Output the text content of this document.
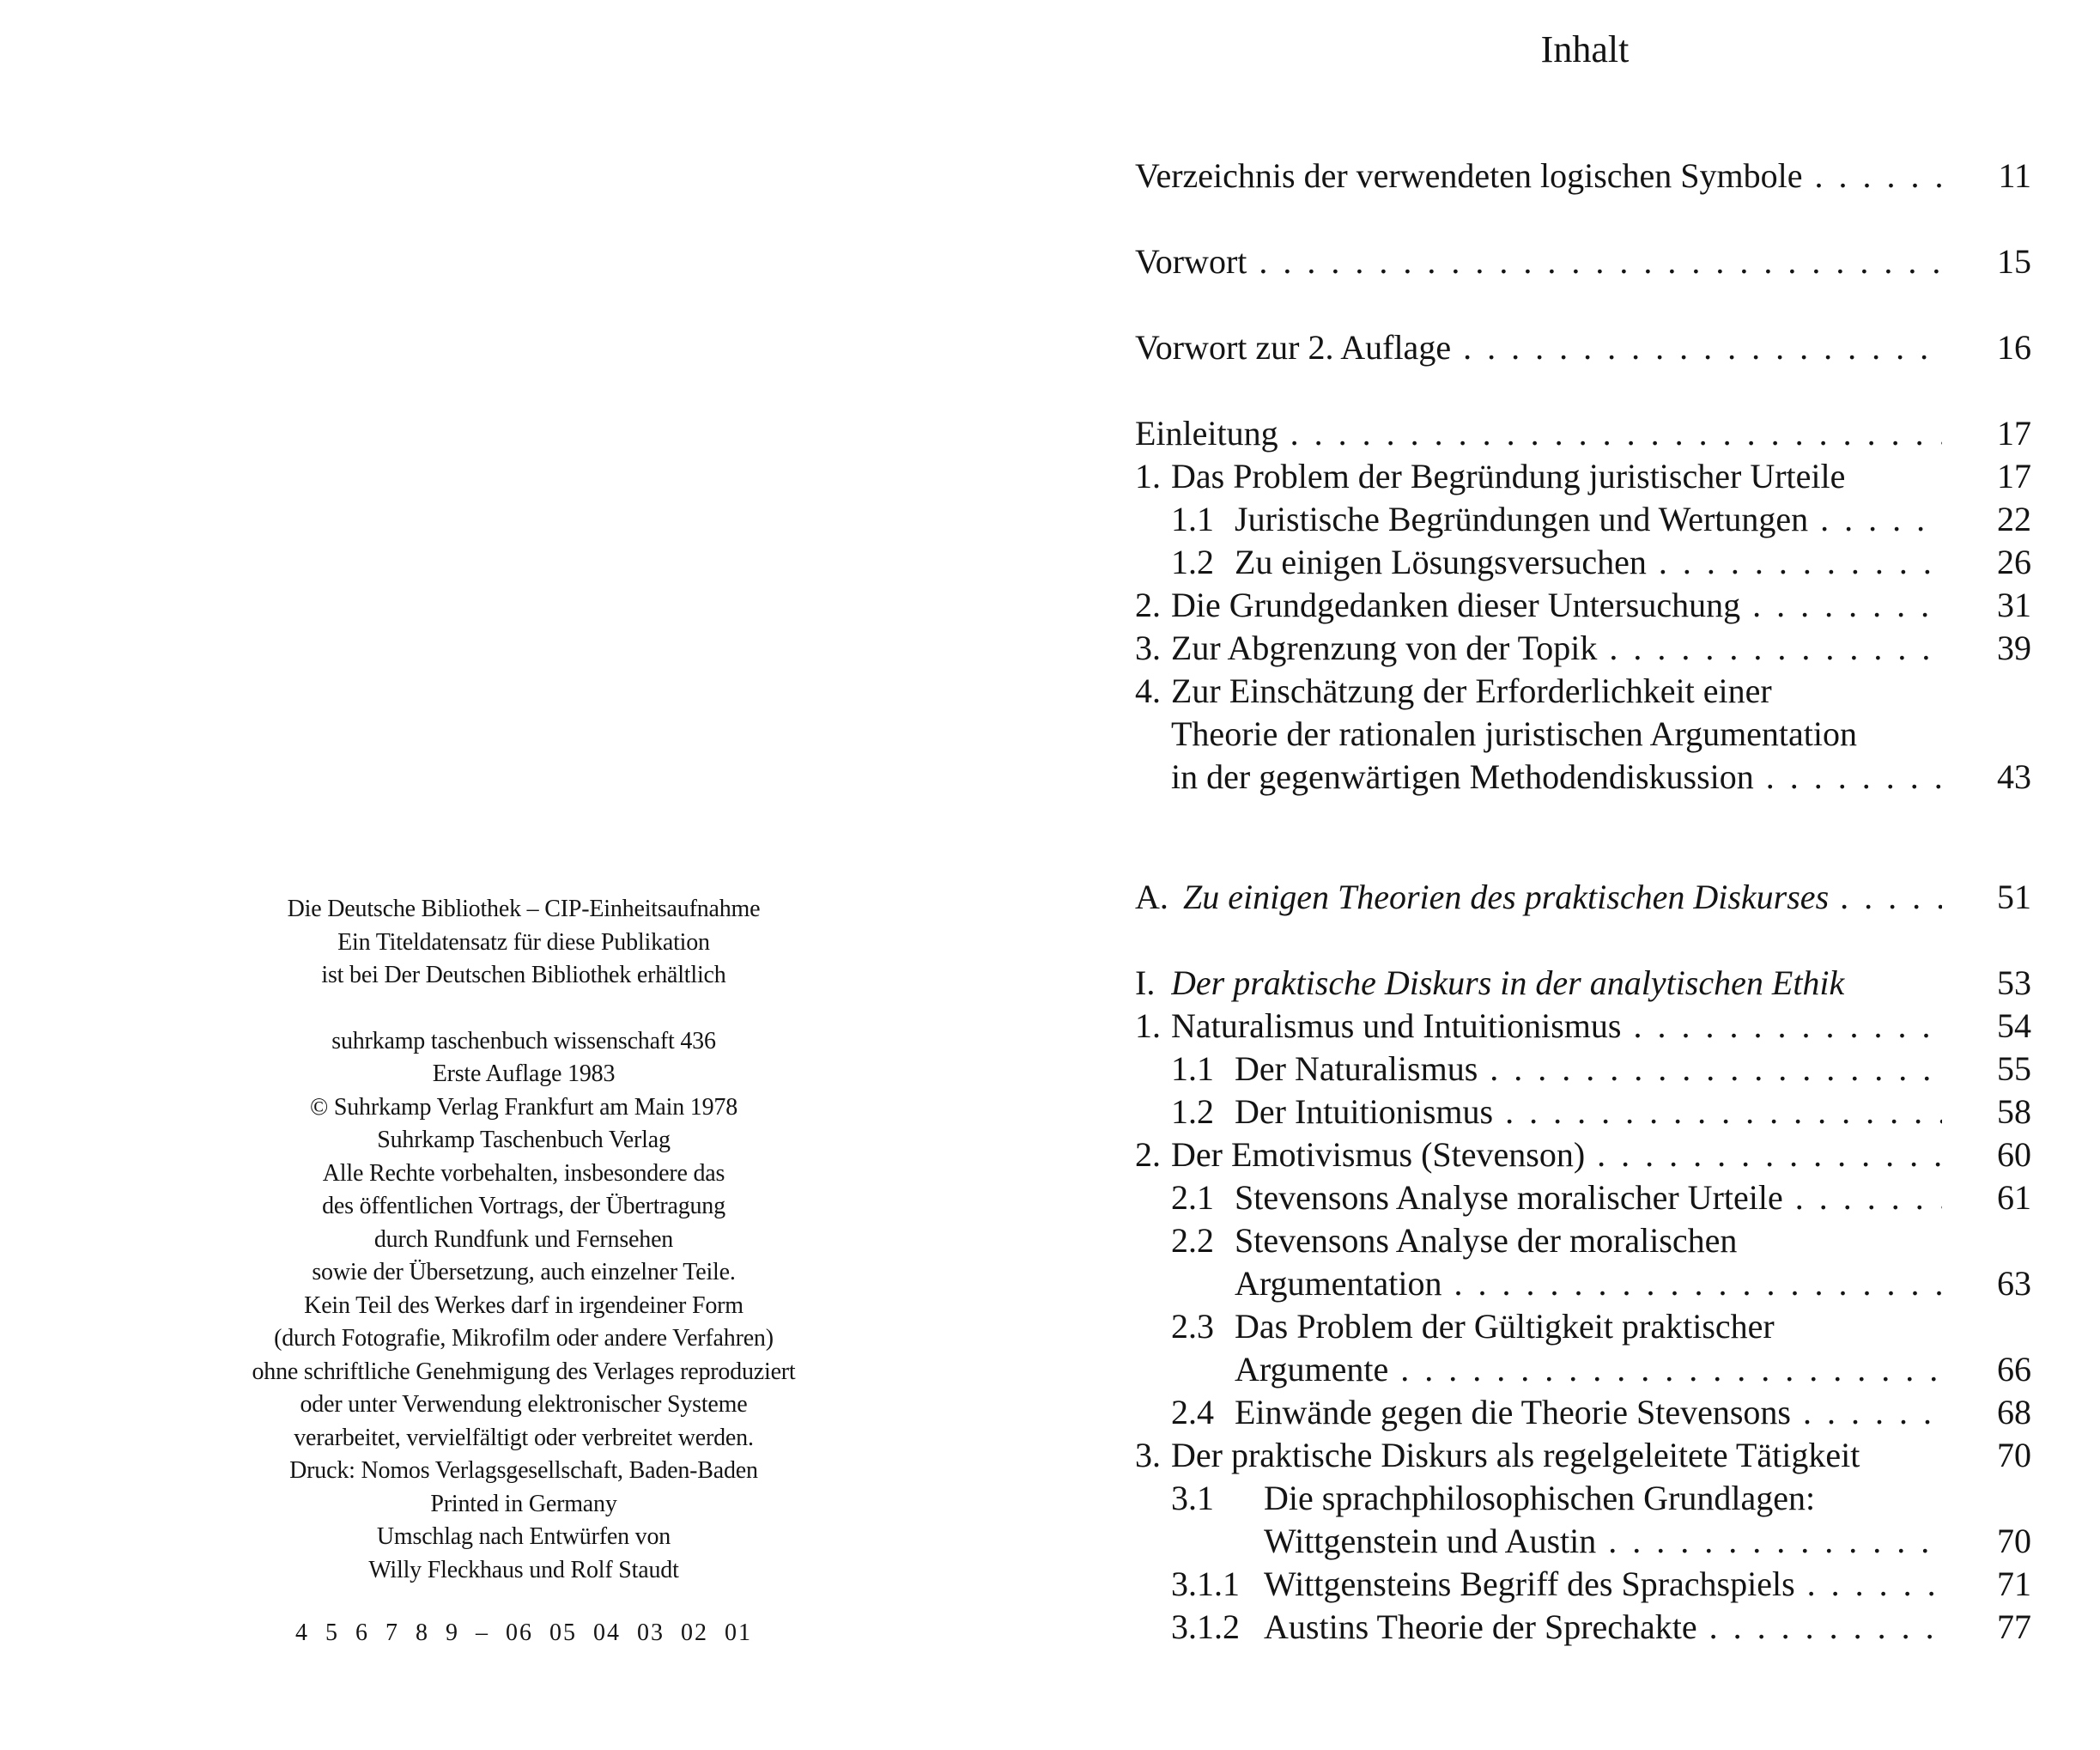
Die Deutsche Bibliothek – CIP-Einheitsaufnahme
Ein Titeldatensatz für diese Publikation
ist bei Der Deutschen Bibliothek erhältlich
suhrkamp taschenbuch wissenschaft 436
Erste Auflage 1983
© Suhrkamp Verlag Frankfurt am Main 1978
Suhrkamp Taschenbuch Verlag
Alle Rechte vorbehalten, insbesondere das
des öffentlichen Vortrags, der Übertragung
durch Rundfunk und Fernsehen
sowie der Übersetzung, auch einzelner Teile.
Kein Teil des Werkes darf in irgendeiner Form
(durch Fotografie, Mikrofilm oder andere Verfahren)
ohne schriftliche Genehmigung des Verlages reproduziert
oder unter Verwendung elektronischer Systeme
verarbeitet, vervielfältigt oder verbreitet werden.
Druck: Nomos Verlagsgesellschaft, Baden-Baden
Printed in Germany
Umschlag nach Entwürfen von
Willy Fleckhaus und Rolf Staudt
4 5 6 7 8 9 – 06 05 04 03 02 01
Inhalt
Verzeichnis der verwendeten logischen Symbole . . .	11
Vorwort . . .	15
Vorwort zur 2. Auflage . . .	16
Einleitung . . .	17
1. Das Problem der Begründung juristischer Urteile	17
1.1 Juristische Begründungen und Wertungen . . .	22
1.2 Zu einigen Lösungsversuchen . . .	26
2. Die Grundgedanken dieser Untersuchung . . .	31
3. Zur Abgrenzung von der Topik . . .	39
4. Zur Einschätzung der Erforderlichkeit einer
Theorie der rationalen juristischen Argumentation
in der gegenwärtigen Methodendiskussion . . .	43
A. Zu einigen Theorien des praktischen Diskurses . . .	51
I. Der praktische Diskurs in der analytischen Ethik	53
1. Naturalismus und Intuitionismus . . .	54
1.1 Der Naturalismus . . .	55
1.2 Der Intuitionismus . . .	58
2. Der Emotivismus (Stevenson) . . .	60
2.1 Stevensons Analyse moralischer Urteile . . .	61
2.2 Stevensons Analyse der moralischen
Argumentation . . .	63
2.3 Das Problem der Gültigkeit praktischer
Argumente . . .	66
2.4 Einwände gegen die Theorie Stevensons . . .	68
3. Der praktische Diskurs als regelgeleitete Tätigkeit	70
3.1 Die sprachphilosophischen Grundlagen:
Wittgenstein und Austin . . .	70
3.1.1 Wittgensteins Begriff des Sprachspiels . . .	71
3.1.2 Austins Theorie der Sprechakte . . .	77
